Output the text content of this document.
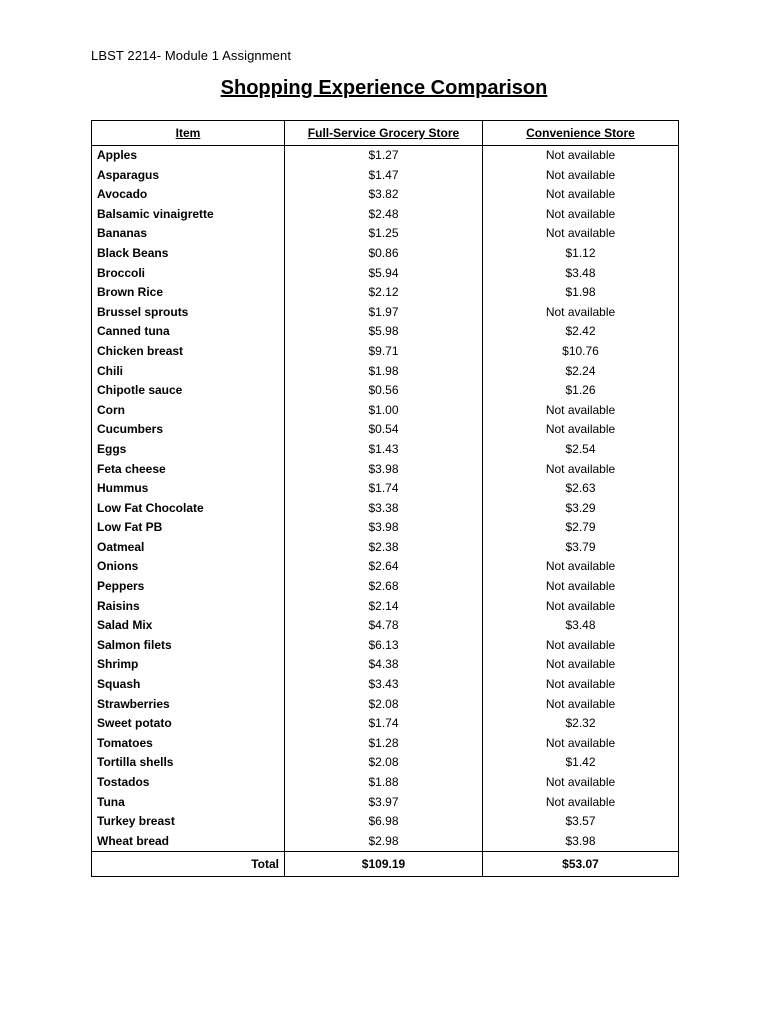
LBST 2214- Module 1 Assignment
Shopping Experience Comparison
Item	Full-Service Grocery Store	Convenience Store
Apples	$1.27	Not available
Asparagus	$1.47	Not available
Avocado	$3.82	Not available
Balsamic vinaigrette	$2.48	Not available
Bananas	$1.25	Not available
Black Beans	$0.86	$1.12
Broccoli	$5.94	$3.48
Brown Rice	$2.12	$1.98
Brussel sprouts	$1.97	Not available
Canned tuna	$5.98	$2.42
Chicken breast	$9.71	$10.76
Chili	$1.98	$2.24
Chipotle sauce	$0.56	$1.26
Corn	$1.00	Not available
Cucumbers	$0.54	Not available
Eggs	$1.43	$2.54
Feta cheese	$3.98	Not available
Hummus	$1.74	$2.63
Low Fat Chocolate	$3.38	$3.29
Low Fat PB	$3.98	$2.79
Oatmeal	$2.38	$3.79
Onions	$2.64	Not available
Peppers	$2.68	Not available
Raisins	$2.14	Not available
Salad Mix	$4.78	$3.48
Salmon filets	$6.13	Not available
Shrimp	$4.38	Not available
Squash	$3.43	Not available
Strawberries	$2.08	Not available
Sweet potato	$1.74	$2.32
Tomatoes	$1.28	Not available
Tortilla shells	$2.08	$1.42
Tostados	$1.88	Not available
Tuna	$3.97	Not available
Turkey breast	$6.98	$3.57
Wheat bread	$2.98	$3.98
Total	$109.19	$53.07
